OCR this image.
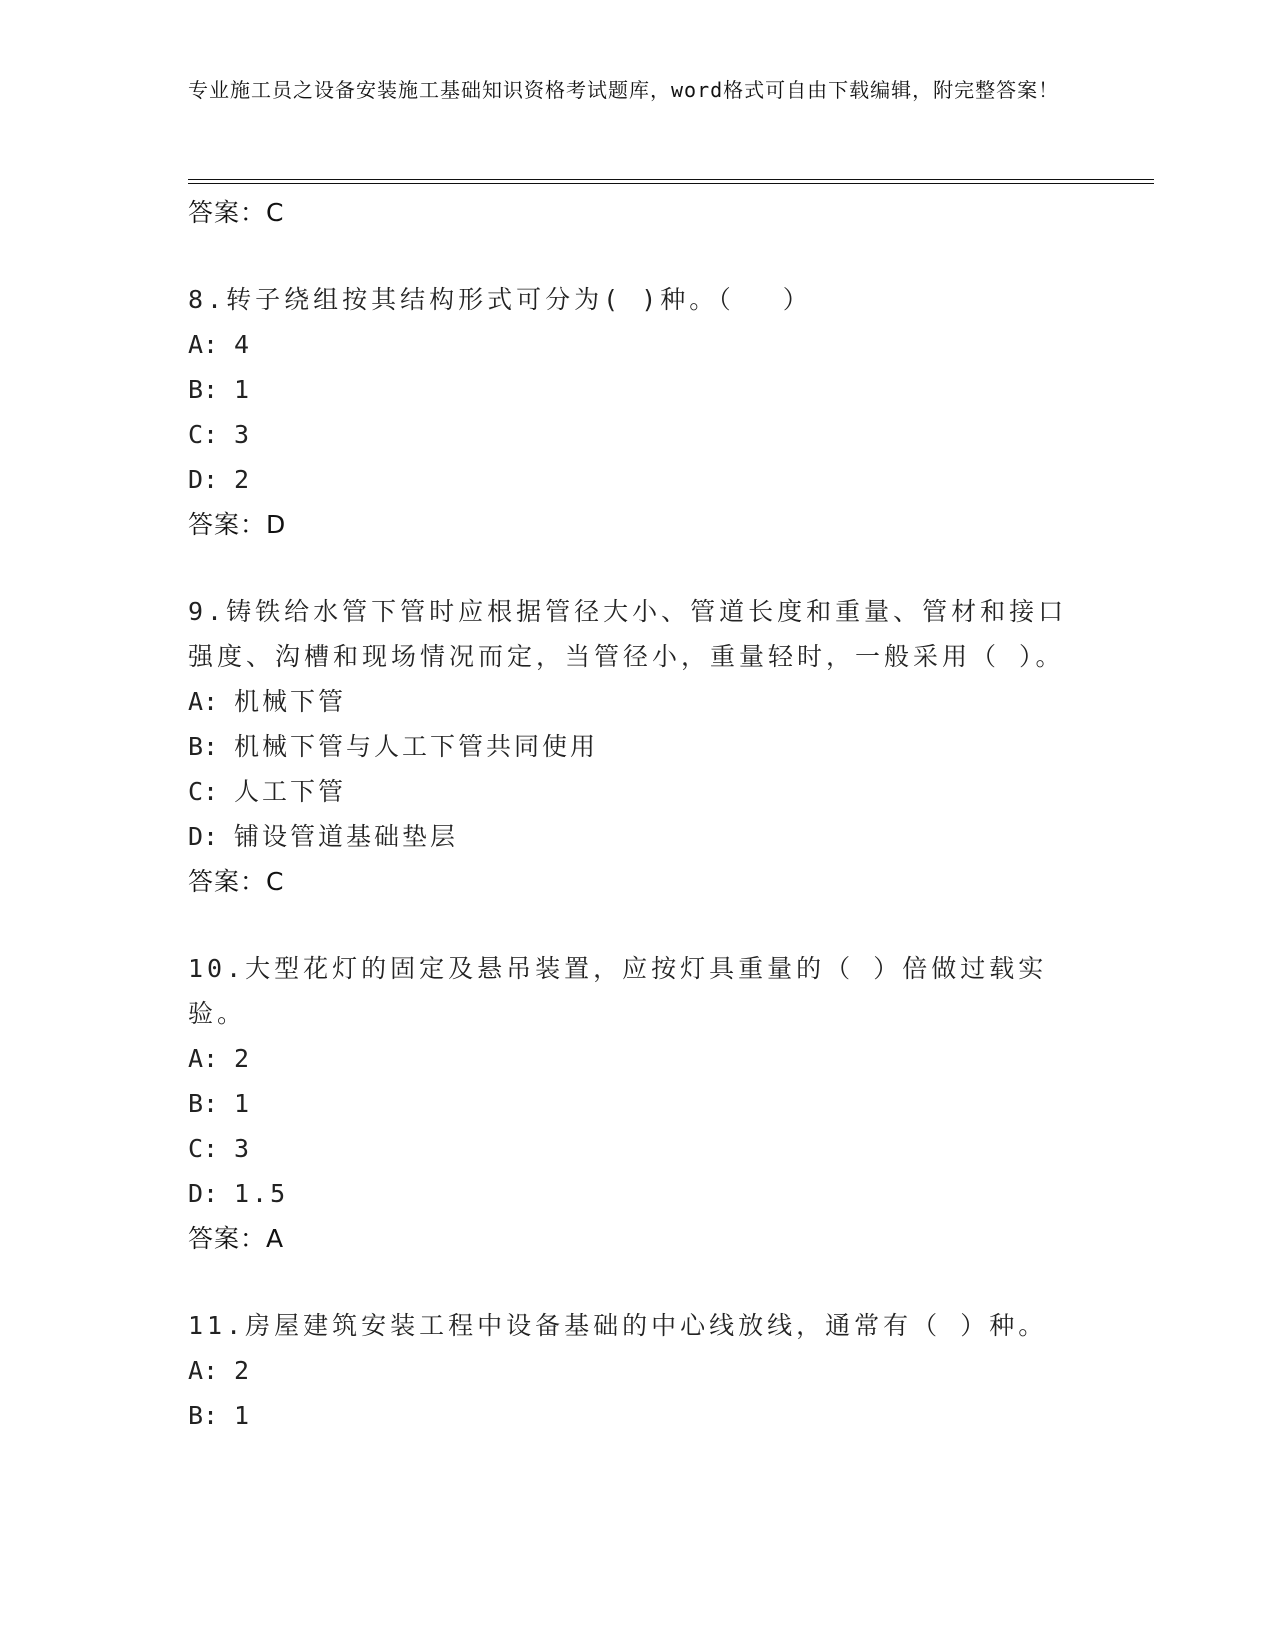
专业施工员之设备安装施工基础知识资格考试题库，word格式可自由下载编辑，附完整答案！
答案：C
8.转子绕组按其结构形式可分为( )种。（　 ）
A: 4
B: 1
C: 3
D: 2
答案：D
9.铸铁给水管下管时应根据管径大小、管道长度和重量、管材和接口强度、沟槽和现场情况而定，当管径小，重量轻时，一般采用（ ）。
A: 机械下管
B: 机械下管与人工下管共同使用
C: 人工下管
D: 铺设管道基础垫层
答案：C
10.大型花灯的固定及悬吊装置，应按灯具重量的（ ）倍做过载实验。
A: 2
B: 1
C: 3
D: 1.5
答案：A
11.房屋建筑安装工程中设备基础的中心线放线，通常有（ ）种。
A: 2
B: 1
